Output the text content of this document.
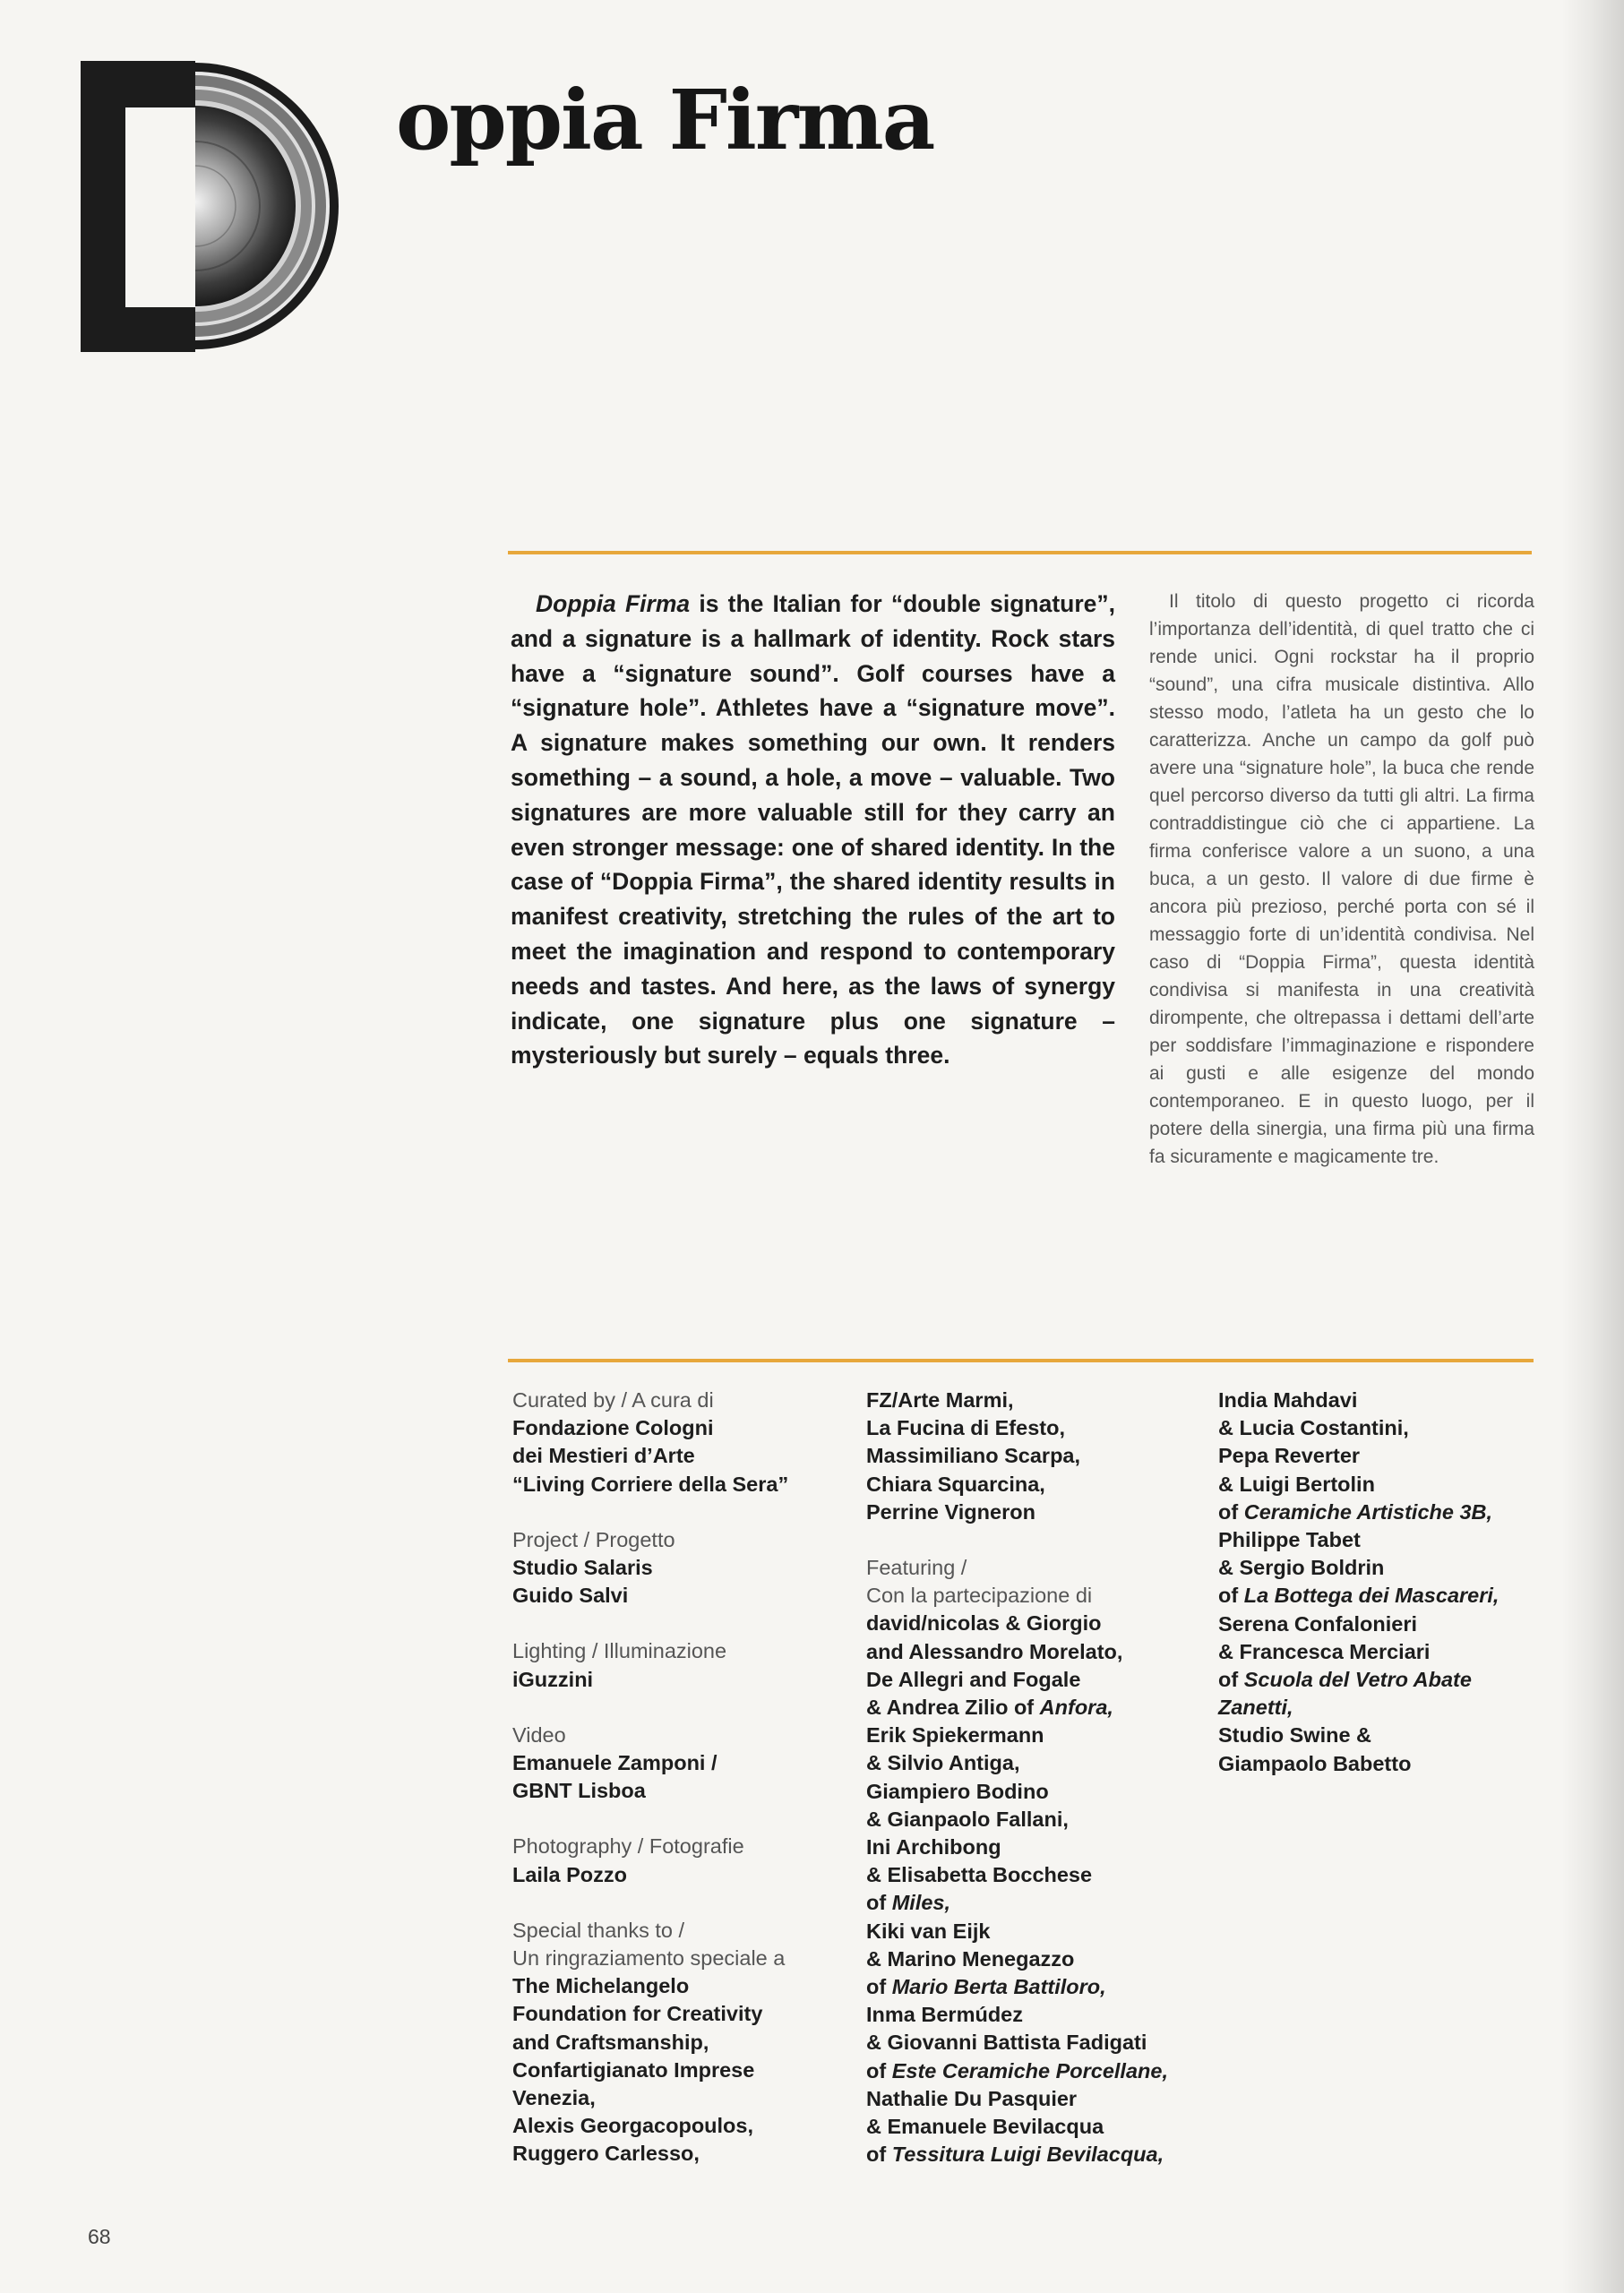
oppia Firma

Doppia Firma is the Italian for “double signature”, and a signature is a hallmark of identity. Rock stars have a “signature sound”. Golf courses have a “signature hole”. Athletes have a “signature move”. A signature makes something our own. It renders something – a sound, a hole, a move – valuable. Two signatures are more valuable still for they carry an even stronger message: one of shared identity. In the case of “Doppia Firma”, the shared identity results in manifest creativity, stretching the rules of the art to meet the imagination and respond to contemporary needs and tastes. And here, as the laws of synergy indicate, one signature plus one signature – mysteriously but surely – equals three.

Il titolo di questo progetto ci ricorda l’importanza dell’identità, di quel tratto che ci rende unici. Ogni rockstar ha il proprio “sound”, una cifra musicale distintiva. Allo stesso modo, l’atleta ha un gesto che lo caratterizza. Anche un campo da golf può avere una “signature hole”, la buca che rende quel percorso diverso da tutti gli altri. La firma contraddistingue ciò che ci appartiene. La firma conferisce valore a un suono, a una buca, a un gesto. Il valore di due firme è ancora più prezioso, perché porta con sé il messaggio forte di un’identità condivisa. Nel caso di “Doppia Firma”, questa identità condivisa si manifesta in una creatività dirompente, che oltrepassa i dettami dell’arte per soddisfare l’immaginazione e rispondere ai gusti e alle esigenze del mondo contemporaneo. E in questo luogo, per il potere della sinergia, una firma più una firma fa sicuramente e magicamente tre.

Curated by / A cura di
Fondazione Cologni
dei Mestieri d’Arte
“Living Corriere della Sera”
Project / Progetto
Studio Salaris
Guido Salvi
Lighting / Illuminazione
iGuzzini
Video
Emanuele Zamponi /
GBNT Lisboa
Photography / Fotografie
Laila Pozzo
Special thanks to /
Un ringraziamento speciale a
The Michelangelo
Foundation for Creativity
and Craftsmanship,
Confartigianato Imprese
Venezia,
Alexis Georgacopoulos,
Ruggero Carlesso,
FZ/Arte Marmi,
La Fucina di Efesto,
Massimiliano Scarpa,
Chiara Squarcina,
Perrine Vigneron
Featuring /
Con la partecipazione di
david/nicolas & Giorgio
and Alessandro Morelato,
De Allegri and Fogale
& Andrea Zilio of Anfora,
Erik Spiekermann
& Silvio Antiga,
Giampiero Bodino
& Gianpaolo Fallani,
Ini Archibong
& Elisabetta Bocchese
of Miles,
Kiki van Eijk
& Marino Menegazzo
of Mario Berta Battiloro,
Inma Bermúdez
& Giovanni Battista Fadigati
of Este Ceramiche Porcellane,
Nathalie Du Pasquier
& Emanuele Bevilacqua
of Tessitura Luigi Bevilacqua,
India Mahdavi
& Lucia Costantini,
Pepa Reverter
& Luigi Bertolin
of Ceramiche Artistiche 3B,
Philippe Tabet
& Sergio Boldrin
of La Bottega dei Mascareri,
Serena Confalonieri
& Francesca Merciari
of Scuola del Vetro Abate
Zanetti,
Studio Swine &
Giampaolo Babetto
68
